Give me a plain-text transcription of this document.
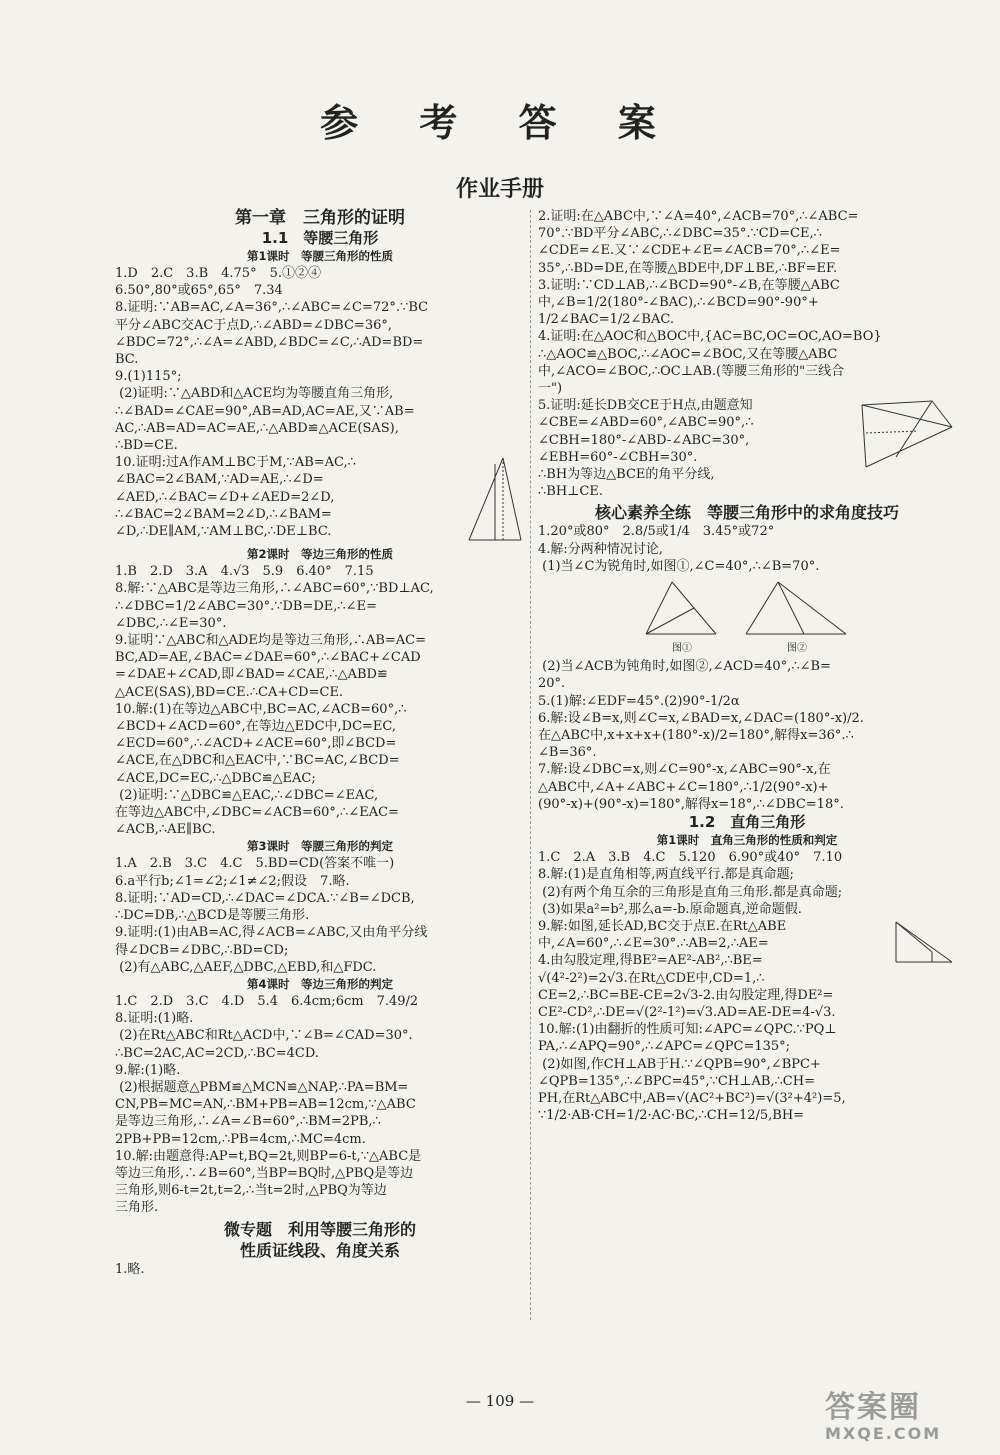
参 考 答 案
作业手册
第一章　三角形的证明
1.1　等腰三角形
第1课时　等腰三角形的性质

1.D　2.C　3.B　4.75°　5.①②④

6.50°,80°或65°,65°　7.34

8.证明:∵AB=AC,∠A=36°,∴∠ABC=∠C=72°.∵BC

平分∠ABC交AC于点D,∴∠ABD=∠DBC=36°,

∠BDC=72°,∴∠A=∠ABD,∠BDC=∠C,∴AD=BD=

BC.

9.(1)115°;

(2)证明:∵△ABD和△ACE均为等腰直角三角形,

∴∠BAD=∠CAE=90°,AB=AD,AC=AE,又∵AB=

AC,∴AB=AD=AC=AE,∴△ABD≌△ACE(SAS),

∴BD=CE.

10.证明:过A作AM⊥BC于M,∵AB=AC,∴

∠BAC=2∠BAM,∵AD=AE,∴∠D=

∠AED,∴∠BAC=∠D+∠AED=2∠D,

∴∠BAC=2∠BAM=2∠D,∴∠BAM=

∠D,∴DE∥AM,∵AM⊥BC,∴DE⊥BC.

第2课时　等边三角形的性质

1.B　2.D　3.A　4.√3　5.9　6.40°　7.15

8.解:∵△ABC是等边三角形,∴∠ABC=60°,∵BD⊥AC,

∴∠DBC=1/2∠ABC=30°.∵DB=DE,∴∠E=

∠DBC,∴∠E=30°.

9.证明∵△ABC和△ADE均是等边三角形,∴AB=AC=

BC,AD=AE,∠BAC=∠DAE=60°,∴∠BAC+∠CAD

=∠DAE+∠CAD,即∠BAD=∠CAE,∴△ABD≌

△ACE(SAS),BD=CE.∴CA+CD=CE.

10.解:(1)在等边△ABC中,BC=AC,∠ACB=60°,∴

∠BCD+∠ACD=60°,在等边△EDC中,DC=EC,

∠ECD=60°,∴∠ACD+∠ACE=60°,即∠BCD=

∠ACE,在△DBC和△EAC中,∵BC=AC,∠BCD=

∠ACE,DC=EC,∴△DBC≌△EAC;

(2)证明:∵△DBC≌△EAC,∴∠DBC=∠EAC,

在等边△ABC中,∠DBC=∠ACB=60°,∴∠EAC=

∠ACB,∴AE∥BC.

第3课时　等腰三角形的判定

1.A　2.B　3.C　4.C　5.BD=CD(答案不唯一)

6.a平行b;∠1=∠2;∠1≠∠2;假设　7.略.

8.证明:∵AD=CD,∴∠DAC=∠DCA.∵∠B=∠DCB,

∴DC=DB,∴△BCD是等腰三角形.

9.证明:(1)由AB=AC,得∠ACB=∠ABC,又由角平分线

得∠DCB=∠DBC,∴BD=CD;

(2)有△ABC,△AEF,△DBC,△EBD,和△FDC.

第4课时　等边三角形的判定

1.C　2.D　3.C　4.D　5.4　6.4cm;6cm　7.49/2

8.证明:(1)略.

(2)在Rt△ABC和Rt△ACD中,∵∠B=∠CAD=30°.

∴BC=2AC,AC=2CD,∴BC=4CD.

9.解:(1)略.

(2)根据题意△PBM≌△MCN≌△NAP,∴PA=BM=

CN,PB=MC=AN,∴BM+PB=AB=12cm,∵△ABC

是等边三角形,∴∠A=∠B=60°,∴BM=2PB,∴

2PB+PB=12cm,∴PB=4cm,∴MC=4cm.

10.解:由题意得:AP=t,BQ=2t,则BP=6-t,∵△ABC是

等边三角形,∴∠B=60°,当BP=BQ时,△PBQ是等边

三角形,则6-t=2t,t=2,∴当t=2时,△PBQ为等边

三角形.

微专题　利用等腰三角形的
性质证线段、角度关系

1.略.

2.证明:在△ABC中,∵∠A=40°,∠ACB=70°,∴∠ABC=

70°.∵BD平分∠ABC,∴∠DBC=35°.∵CD=CE,∴

∠CDE=∠E.又∵∠CDE+∠E=∠ACB=70°,∴∠E=

35°,∴BD=DE,在等腰△BDE中,DF⊥BE,∴BF=EF.

3.证明:∵CD⊥AB,∴∠BCD=90°-∠B,在等腰△ABC

中,∠B=1/2(180°-∠BAC),∴∠BCD=90°-90°+

1/2∠BAC=1/2∠BAC.

4.证明:在△AOC和△BOC中,{AC=BC,OC=OC,AO=BO}

∴△AOC≌△BOC,∴∠AOC=∠BOC,又在等腰△ABC

中,∠ACO=∠BOC,∴OC⊥AB.(等腰三角形的"三线合

一")

5.证明:延长DB交CE于H点,由题意知

∠CBE=∠ABD=60°,∠ABC=90°,∴

∠CBH=180°-∠ABD-∠ABC=30°,

∠EBH=60°-∠CBH=30°.

∴BH为等边△BCE的角平分线,

∴BH⊥CE.

核心素养全练　等腰三角形中的求角度技巧

1.20°或80°　2.8/5或1/4　3.45°或72°

4.解:分两种情况讨论,

(1)当∠C为锐角时,如图①,∠C=40°,∴∠B=70°.

图①	图②

(2)当∠ACB为钝角时,如图②,∠ACD=40°,∴∠B=

20°.

5.(1)解:∠EDF=45°.(2)90°-1/2α

6.解:设∠B=x,则∠C=x,∠BAD=x,∠DAC=(180°-x)/2.

在△ABC中,x+x+x+(180°-x)/2=180°,解得x=36°.∴

∠B=36°.

7.解:设∠DBC=x,则∠C=90°-x,∠ABC=90°-x,在

△ABC中,∠A+∠ABC+∠C=180°,∴1/2(90°-x)+

(90°-x)+(90°-x)=180°,解得x=18°,∴∠DBC=18°.

1.2　直角三角形
第1课时　直角三角形的性质和判定

1.C　2.A　3.B　4.C　5.120　6.90°或40°　7.10

8.解:(1)是直角相等,两直线平行.都是真命题;

(2)有两个角互余的三角形是直角三角形.都是真命题;

(3)如果a²=b²,那么a=-b.原命题真,逆命题假.

9.解:如图,延长AD,BC交于点E.在Rt△ABE

中,∠A=60°,∴∠E=30°.∴AB=2,∴AE=

4.由勾股定理,得BE²=AE²-AB²,∴BE=

√(4²-2²)=2√3.在Rt△CDE中,CD=1,∴

CE=2,∴BC=BE-CE=2√3-2.由勾股定理,得DE²=

CE²-CD²,∴DE=√(2²-1²)=√3.AD=AE-DE=4-√3.

10.解:(1)由翻折的性质可知:∠APC=∠QPC.∵PQ⊥

PA,∴∠APQ=90°,∴∠APC=∠QPC=135°;

(2)如图,作CH⊥AB于H.∵∠QPB=90°,∠BPC+

∠QPB=135°,∴∠BPC=45°,∵CH⊥AB,∴CH=

PH,在Rt△ABC中,AB=√(AC²+BC²)=√(3²+4²)=5,

∵1/2·AB·CH=1/2·AC·BC,∴CH=12/5,BH=

— 109 —	答案圈
MXQE.COM
